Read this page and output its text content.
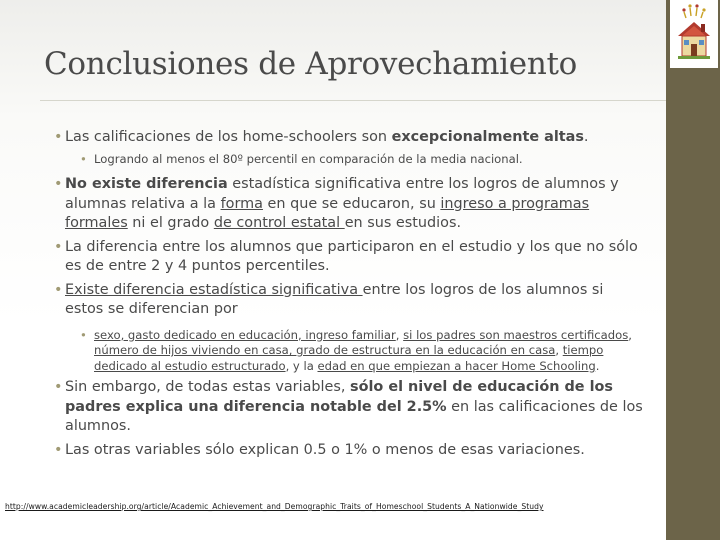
Conclusiones de Aprovechamiento
• Las calificaciones de los home-schoolers son excepcionalmente altas.
• Logrando al menos el 80º percentil en comparación de la media nacional.
• No existe diferencia estadística significativa entre los logros de alumnos y alumnas relativa a la forma en que se educaron, su ingreso a programas formales ni el grado de control estatal en sus estudios.
• La diferencia entre los alumnos que participaron en el estudio y los que no sólo es de entre 2 y 4 puntos percentiles.
• Existe diferencia estadística significativa entre los logros de los alumnos si estos se diferencian por
• sexo, gasto dedicado en educación, ingreso familiar, si los padres son maestros certificados, número de hijos viviendo en casa, grado de estructura en la educación en casa, tiempo dedicado al estudio estructurado, y la edad en que empiezan a hacer Home Schooling.
• Sin embargo, de todas estas variables, sólo el nivel de educación de los padres explica una diferencia notable del 2.5% en las calificaciones de los alumnos.
• Las otras variables sólo explican 0.5 o 1% o menos de esas variaciones.
http://www.academicleadership.org/article/Academic_Achievement_and_Demographic_Traits_of_Homeschool_Students_A_Nationwide_Study
